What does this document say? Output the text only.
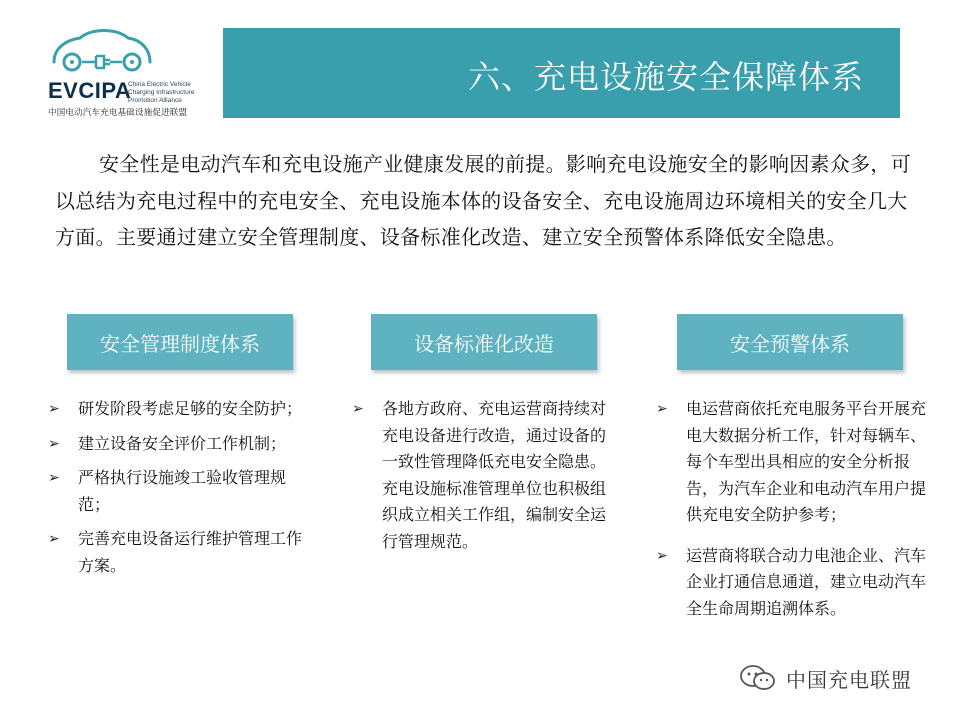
EVCIPA
China Electric Vehicle
Charging Infrastructure
Promotion Alliance
中国电动汽车充电基础设施促进联盟
六、充电设施安全保障体系

安全性是电动汽车和充电设施产业健康发展的前提。影响充电设施安全的影响因素众多，可以总结为充电过程中的充电安全、充电设施本体的设备安全、充电设施周边环境相关的安全几大方面。主要通过建立安全管理制度、设备标准化改造、建立安全预警体系降低安全隐患。

安全管理制度体系	设备标准化改造	安全预警体系
➢ 研发阶段考虑足够的安全防护；
➢ 建立设备安全评价工作机制；
➢ 严格执行设施竣工验收管理规范；
➢ 完善充电设备运行维护管理工作方案。
➢ 各地方政府、充电运营商持续对充电设备进行改造，通过设备的一致性管理降低充电安全隐患。充电设施标准管理单位也积极组织成立相关工作组，编制安全运行管理规范。
➢ 电运营商依托充电服务平台开展充电大数据分析工作，针对每辆车、每个车型出具相应的安全分析报告，为汽车企业和电动汽车用户提供充电安全防护参考；
➢ 运营商将联合动力电池企业、汽车企业打通信息通道，建立电动汽车全生命周期追溯体系。
中国充电联盟
